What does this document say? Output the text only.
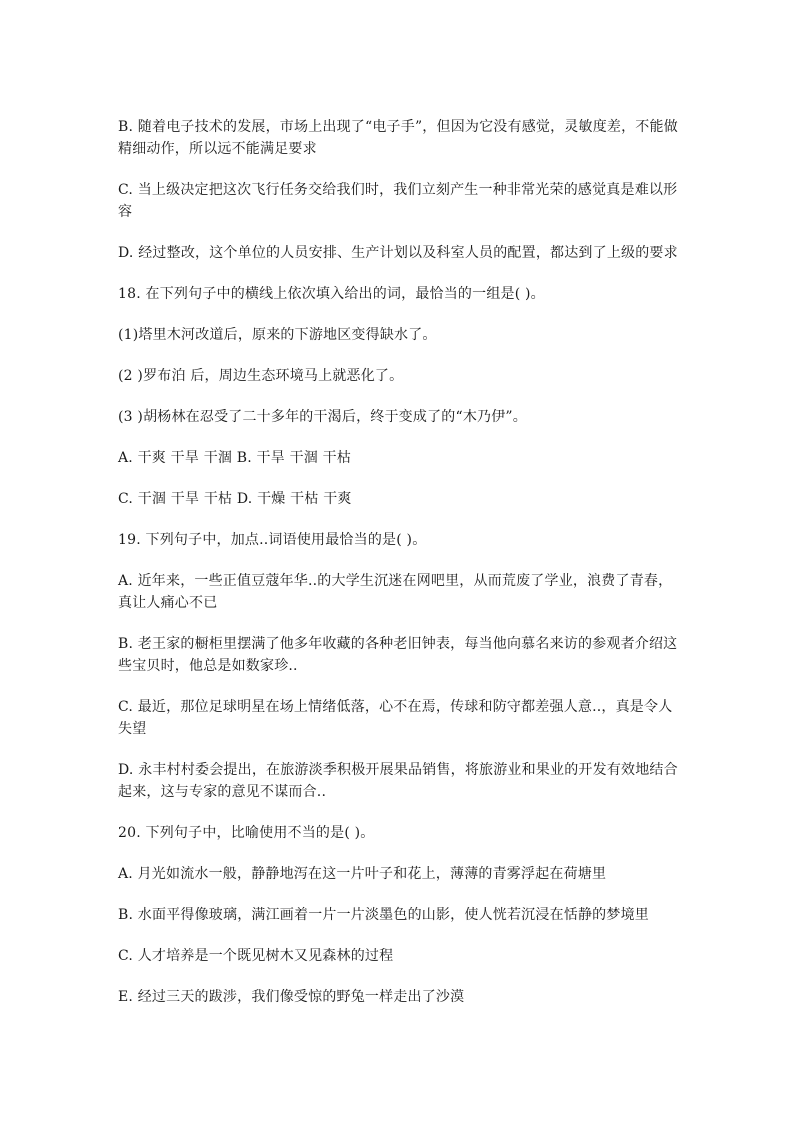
B. 随着电子技术的发展，市场上出现了“电子手”，但因为它没有感觉，灵敏度差，不能做精细动作，所以远不能满足要求

C. 当上级决定把这次飞行任务交给我们时，我们立刻产生一种非常光荣的感觉真是难以形容

D. 经过整改，这个单位的人员安排、生产计划以及科室人员的配置，都达到了上级的要求

18. 在下列句子中的横线上依次填入给出的词，最恰当的一组是( )。

(1)塔里木河改道后，原来的下游地区变得缺水了。

(2 )罗布泊 后，周边生态环境马上就恶化了。

(3 )胡杨林在忍受了二十多年的干渴后，终于变成了的“木乃伊”。

A. 干爽 干旱 干涸 B. 干旱 干涸 干枯

C. 干涸 干旱 干枯 D. 干燥 干枯 干爽

19. 下列句子中，加点..词语使用最恰当的是( )。

A. 近年来，一些正值豆蔻年华..的大学生沉迷在网吧里，从而荒废了学业，浪费了青春，真让人痛心不已

B. 老王家的橱柜里摆满了他多年收藏的各种老旧钟表，每当他向慕名来访的参观者介绍这些宝贝时，他总是如数家珍..

C. 最近，那位足球明星在场上情绪低落，心不在焉，传球和防守都差强人意..，真是令人失望

D. 永丰村村委会提出，在旅游淡季积极开展果品销售，将旅游业和果业的开发有效地结合起来，这与专家的意见不谋而合..

20. 下列句子中，比喻使用不当的是( )。

A. 月光如流水一般，静静地泻在这一片叶子和花上，薄薄的青雾浮起在荷塘里

B. 水面平得像玻璃，满江画着一片一片淡墨色的山影，使人恍若沉浸在恬静的梦境里

C. 人才培养是一个既见树木又见森林的过程

E. 经过三天的跋涉，我们像受惊的野兔一样走出了沙漠
